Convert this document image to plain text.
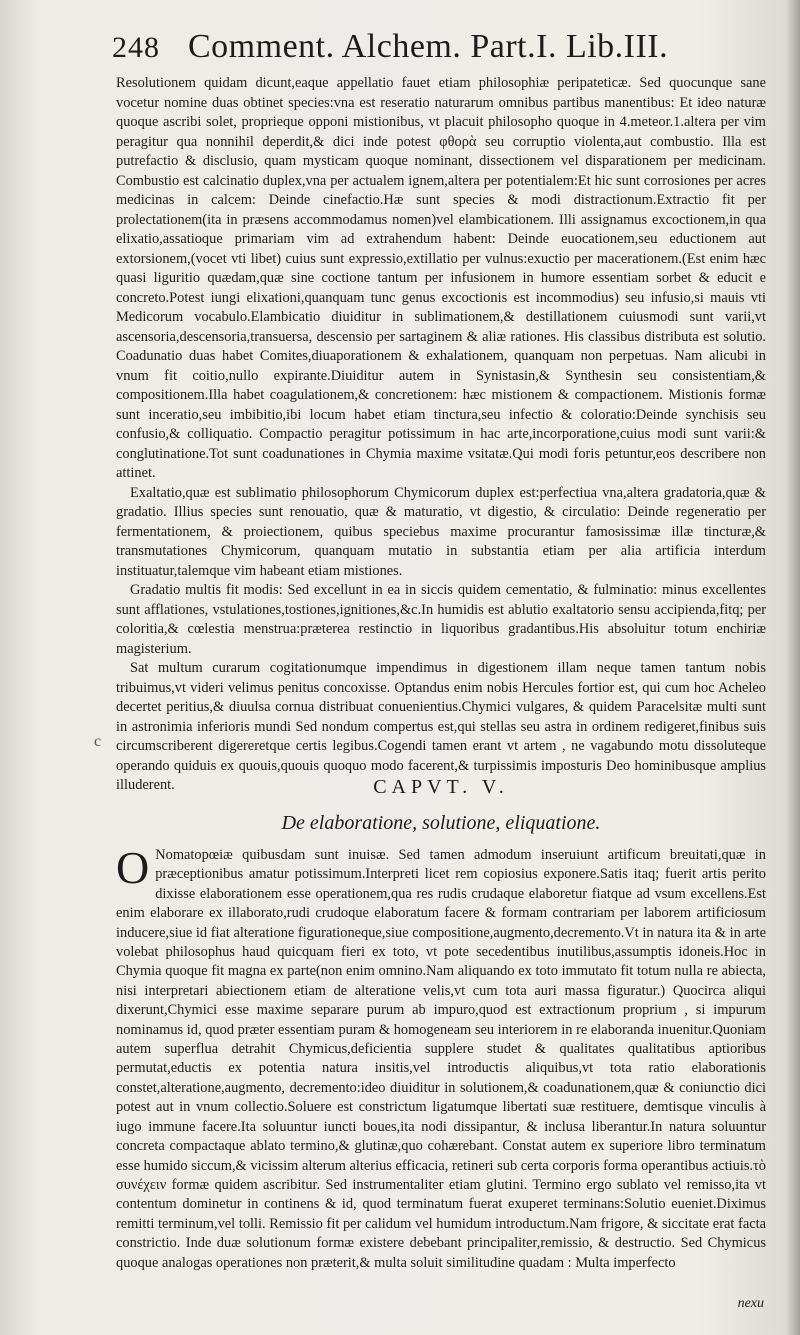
248 Comment. Alchem. Part.I. Lib.III.

Resolutionem quidam dicunt,eaque appellatio fauet etiam philosophiæ peripateticæ. Sed quocunque sane vocetur nomine duas obtinet species:vna est reseratio naturarum omnibus partibus manentibus: Et ideo naturæ quoque ascribi solet, proprieque opponi mistionibus, vt placuit philosopho quoque in 4.meteor.1.altera per vim peragitur qua nonnihil deperdit,& dici inde potest φθορὰ seu corruptio violenta,aut combustio. Illa est putrefactio & disclusio, quam mysticam quoque nominant, dissectionem vel disparationem per medicinam. Combustio est calcinatio duplex,vna per actualem ignem,altera per potentialem:Et hic sunt corrosiones per acres medicinas in calcem: Deinde cinefactio.Hæ sunt species & modi distractionum.Extractio fit per prolectationem(ita in præsens accommodamus nomen)vel elambicationem. Illi assignamus excoctionem,in qua elixatio,assatioque primariam vim ad extrahendum habent: Deinde euocationem,seu eductionem aut extorsionem,(vocet vti libet) cuius sunt expressio,extillatio per vulnus:exuctio per macerationem.(Est enim hæc quasi liguritio quædam,quæ sine coctione tantum per infusionem in humore essentiam sorbet & educit e concreto.Potest iungi elixationi,quanquam tunc genus excoctionis est incommodius) seu infusio,si mauis vti Medicorum vocabulo.Elambicatio diuiditur in sublimationem,& destillationem cuiusmodi sunt varii,vt ascensoria,descensoria,transuersa, descensio per sartaginem & aliæ rationes. His classibus distributa est solutio. Coadunatio duas habet Comites,diuaporationem & exhalationem, quanquam non perpetuas. Nam alicubi in vnum fit coitio,nullo expirante.Diuiditur autem in Synistasin,& Synthesin seu consistentiam,& compositionem.Illa habet coagulationem,& concretionem: hæc mistionem & compactionem. Mistionis formæ sunt inceratio,seu imbibitio,ibi locum habet etiam tinctura,seu infectio & coloratio:Deinde synchisis seu confusio,& colliquatio. Compactio peragitur potissimum in hac arte,incorporatione,cuius modi sunt varii:& conglutinatione.Tot sunt coadunationes in Chymia maxime vsitatæ.Qui modi foris petuntur,eos describere non attinet.

Exaltatio,quæ est sublimatio philosophorum Chymicorum duplex est:perfectiua vna,altera gradatoria,quæ & gradatio. Illius species sunt renouatio, quæ & maturatio, vt digestio, & circulatio: Deinde regeneratio per fermentationem, & proiectionem, quibus speciebus maxime procurantur famosissimæ illæ tincturæ,& transmutationes Chymicorum, quanquam mutatio in substantia etiam per alia artificia interdum instituatur,talemque vim habeant etiam mistiones.

Gradatio multis fit modis: Sed excellunt in ea in siccis quidem cementatio, & fulminatio: minus excellentes sunt afflationes, vstulationes,tostiones,ignitiones,&c.In humidis est ablutio exaltatorio sensu accipienda,fitq; per coloritia,& cœlestia menstrua:præterea restinctio in liquoribus gradantibus.His absoluitur totum enchiriæ magisterium.

Sat multum curarum cogitationumque impendimus in digestionem illam neque tamen tantum nobis tribuimus,vt videri velimus penitus concoxisse. Optandus enim nobis Hercules fortior est, qui cum hoc Acheleo decertet peritius,& diuulsa cornua distribuat conuenientius.Chymici vulgares, & quidem Paracelsitæ multi sunt in astronimia inferioris mundi Sed nondum compertus est,qui stellas seu astra in ordinem redigeret,finibus suis circumscriberent digereretque certis legibus.Cogendi tamen erant vt artem , ne vagabundo motu dissoluteque operando quiduis ex quouis,quouis quoquo modo facerent,& turpissimis imposturis Deo hominibusque amplius illuderent.

c
CAPVT. V.
De elaboratione, solutione, eliquatione.
O Nomatopœiæ quibusdam sunt inuisæ. Sed tamen admodum inseruiunt artificum breuitati,quæ in præceptionibus amatur potissimum.Interpreti licet rem copiosius exponere.Satis itaq; fuerit artis perito dixisse elaborationem esse operationem,qua res rudis crudaque elaboretur fiatque ad vsum excellens.Est enim elaborare ex illaborato,rudi crudoque elaboratum facere & formam contrariam per laborem artificiosum inducere,siue id fiat alteratione figurationeque,siue compositione,augmento,decremento.Vt in natura ita & in arte volebat philosophus haud quicquam fieri ex toto, vt pote secedentibus inutilibus,assumptis idoneis.Hoc in Chymia quoque fit magna ex parte(non enim omnino.Nam aliquando ex toto immutato fit totum nulla re abiecta, nisi interpretari abiectionem etiam de alteratione velis,vt cum tota auri massa figuratur.) Quocirca aliqui dixerunt,Chymici esse maxime separare purum ab impuro,quod est extractionum proprium , si impurum nominamus id, quod præter essentiam puram & homogeneam seu interiorem in re elaboranda inuenitur.Quoniam autem superflua detrahit Chymicus,deficientia supplere studet & qualitates qualitatibus aptioribus permutat,eductis ex potentia natura insitis,vel introductis aliquibus,vt tota ratio elaborationis constet,alteratione,augmento, decremento:ideo diuiditur in solutionem,& coadunationem,quæ & coniunctio dici potest aut in vnum collectio.Soluere est constrictum ligatumque libertati suæ restituere, demtisque vinculis à iugo immune facere.Ita soluuntur iuncti boues,ita nodi dissipantur, & inclusa liberantur.In natura soluuntur concreta compactaque ablato termino,& glutinæ,quo cohærebant. Constat autem ex superiore libro terminatum esse humido siccum,& vicissim alterum alterius efficacia, retineri sub certa corporis forma operantibus actiuis.τὸ συνέχειν formæ quidem ascribitur. Sed instrumentaliter etiam glutini. Termino ergo sublato vel remisso,ita vt contentum dominetur in continens & id, quod terminatum fuerat exuperet terminans:Solutio eueniet.Diximus remitti terminum,vel tolli. Remissio fit per calidum vel humidum introductum.Nam frigore, & siccitate erat facta constrictio. Inde duæ solutionum formæ existere debebant principaliter,remissio, & destructio. Sed Chymicus quoque analogas operationes non præterit,& multa soluit similitudine quadam : Multa imperfecto
nexu
